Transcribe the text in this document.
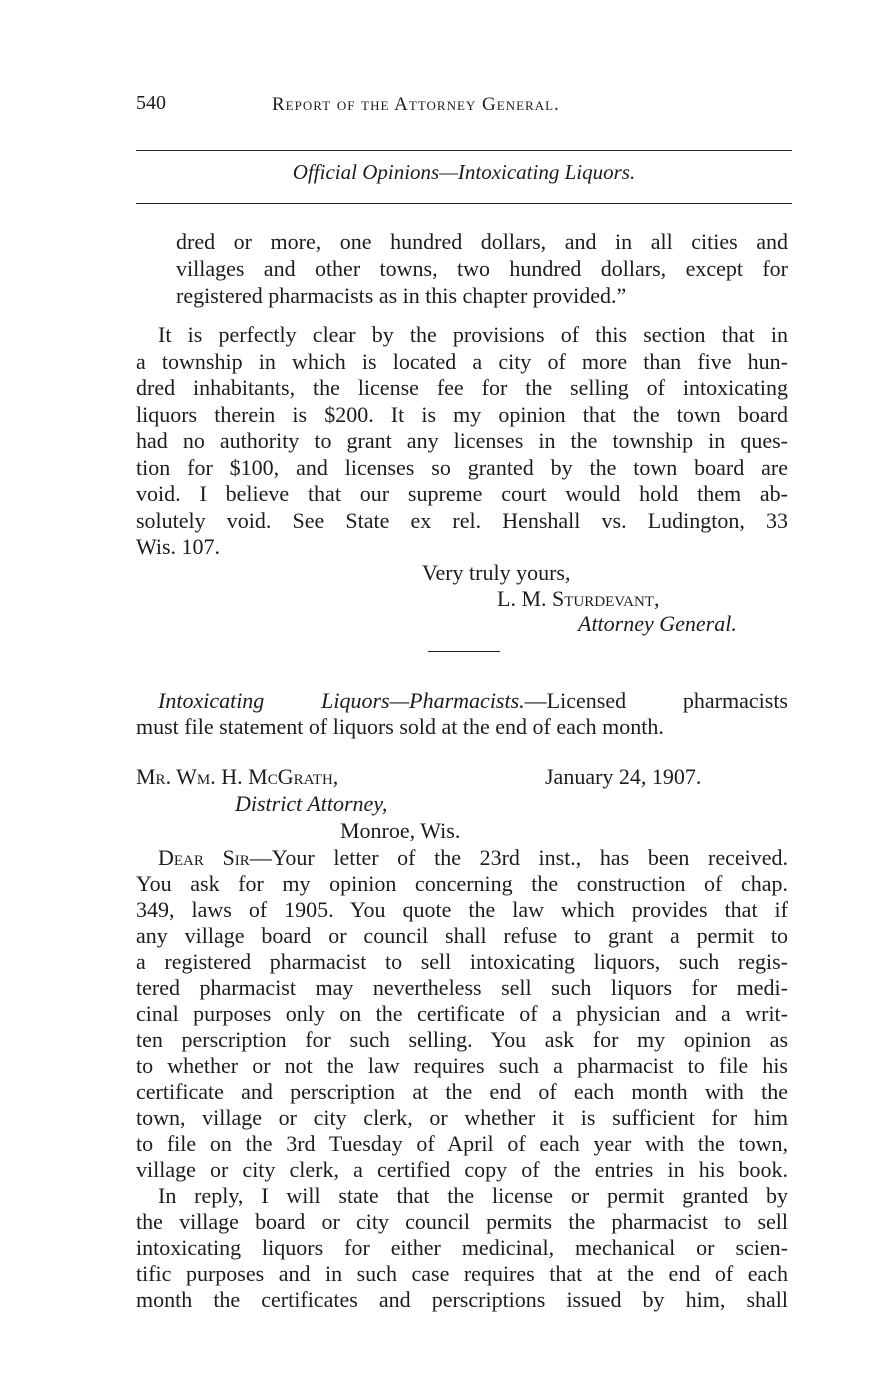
540	Report of the Attorney General.
Official Opinions—Intoxicating Liquors.
dred or more, one hundred dollars, and in all cities and
villages and other towns, two hundred dollars, except for
registered pharmacists as in this chapter provided.”
It is perfectly clear by the provisions of this section that in
a township in which is located a city of more than five hun-
dred inhabitants, the license fee for the selling of intoxicating
liquors therein is $200. It is my opinion that the town board
had no authority to grant any licenses in the township in ques-
tion for $100, and licenses so granted by the town board are
void. I believe that our supreme court would hold them ab-
solutely void. See State ex rel. Henshall vs. Ludington, 33
Wis. 107.
Very truly yours,
L. M. Sturdevant,
Attorney General.
Intoxicating Liquors—Pharmacists.—Licensed pharmacists
must file statement of liquors sold at the end of each month.
Mr. Wm. H. McGrath,	January 24, 1907.
District Attorney,
Monroe, Wis.
Dear Sir—Your letter of the 23rd inst., has been received.
You ask for my opinion concerning the construction of chap.
349, laws of 1905. You quote the law which provides that if
any village board or council shall refuse to grant a permit to
a registered pharmacist to sell intoxicating liquors, such regis-
tered pharmacist may nevertheless sell such liquors for medi-
cinal purposes only on the certificate of a physician and a writ-
ten perscription for such selling. You ask for my opinion as
to whether or not the law requires such a pharmacist to file his
certificate and perscription at the end of each month with the
town, village or city clerk, or whether it is sufficient for him
to file on the 3rd Tuesday of April of each year with the town,
village or city clerk, a certified copy of the entries in his book.
In reply, I will state that the license or permit granted by
the village board or city council permits the pharmacist to sell
intoxicating liquors for either medicinal, mechanical or scien-
tific purposes and in such case requires that at the end of each
month the certificates and perscriptions issued by him, shall
